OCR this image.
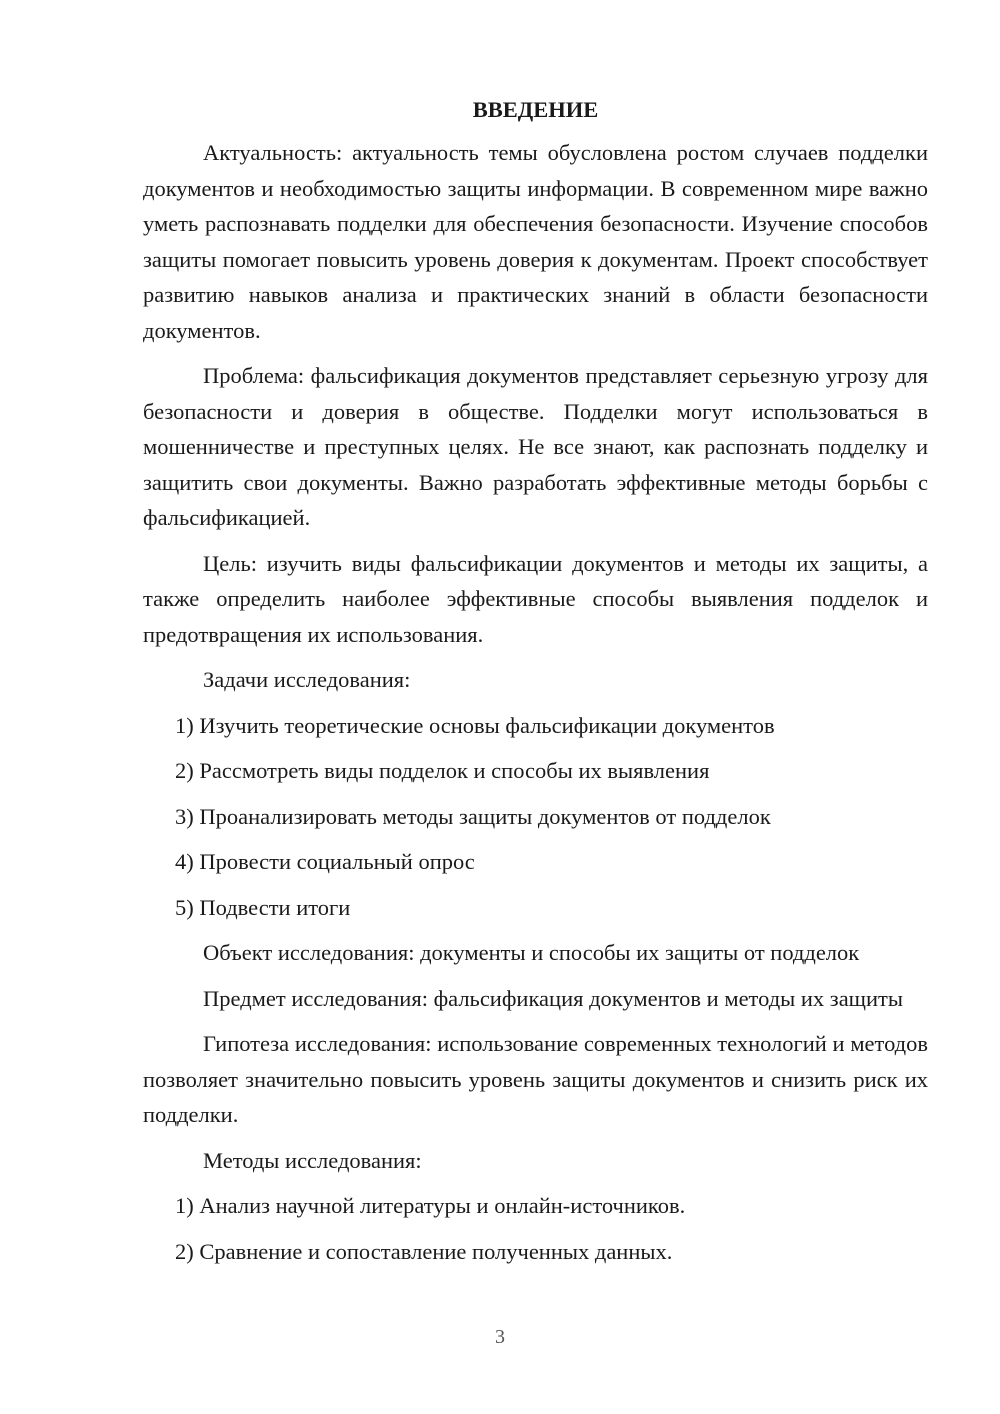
ВВЕДЕНИЕ

Актуальность: актуальность темы обусловлена ростом случаев подделки документов и необходимостью защиты информации. В современном мире важно уметь распознавать подделки для обеспечения безопасности. Изучение способов защиты помогает повысить уровень доверия к документам. Проект способствует развитию навыков анализа и практических знаний в области безопасности документов.

Проблема: фальсификация документов представляет серьезную угрозу для безопасности и доверия в обществе. Подделки могут использоваться в мошенничестве и преступных целях. Не все знают, как распознать подделку и защитить свои документы. Важно разработать эффективные методы борьбы с фальсификацией.

Цель: изучить виды фальсификации документов и методы их защиты, а также определить наиболее эффективные способы выявления подделок и предотвращения их использования.

Задачи исследования:

1) Изучить теоретические основы фальсификации документов

2) Рассмотреть виды подделок и способы их выявления

3) Проанализировать методы защиты документов от подделок

4) Провести социальный опрос

5) Подвести итоги

Объект исследования: документы и способы их защиты от подделок

Предмет исследования: фальсификация документов и методы их защиты

Гипотеза исследования: использование современных технологий и методов позволяет значительно повысить уровень защиты документов и снизить риск их подделки.

Методы исследования:

1) Анализ научной литературы и онлайн-источников.

2) Сравнение и сопоставление полученных данных.

3
